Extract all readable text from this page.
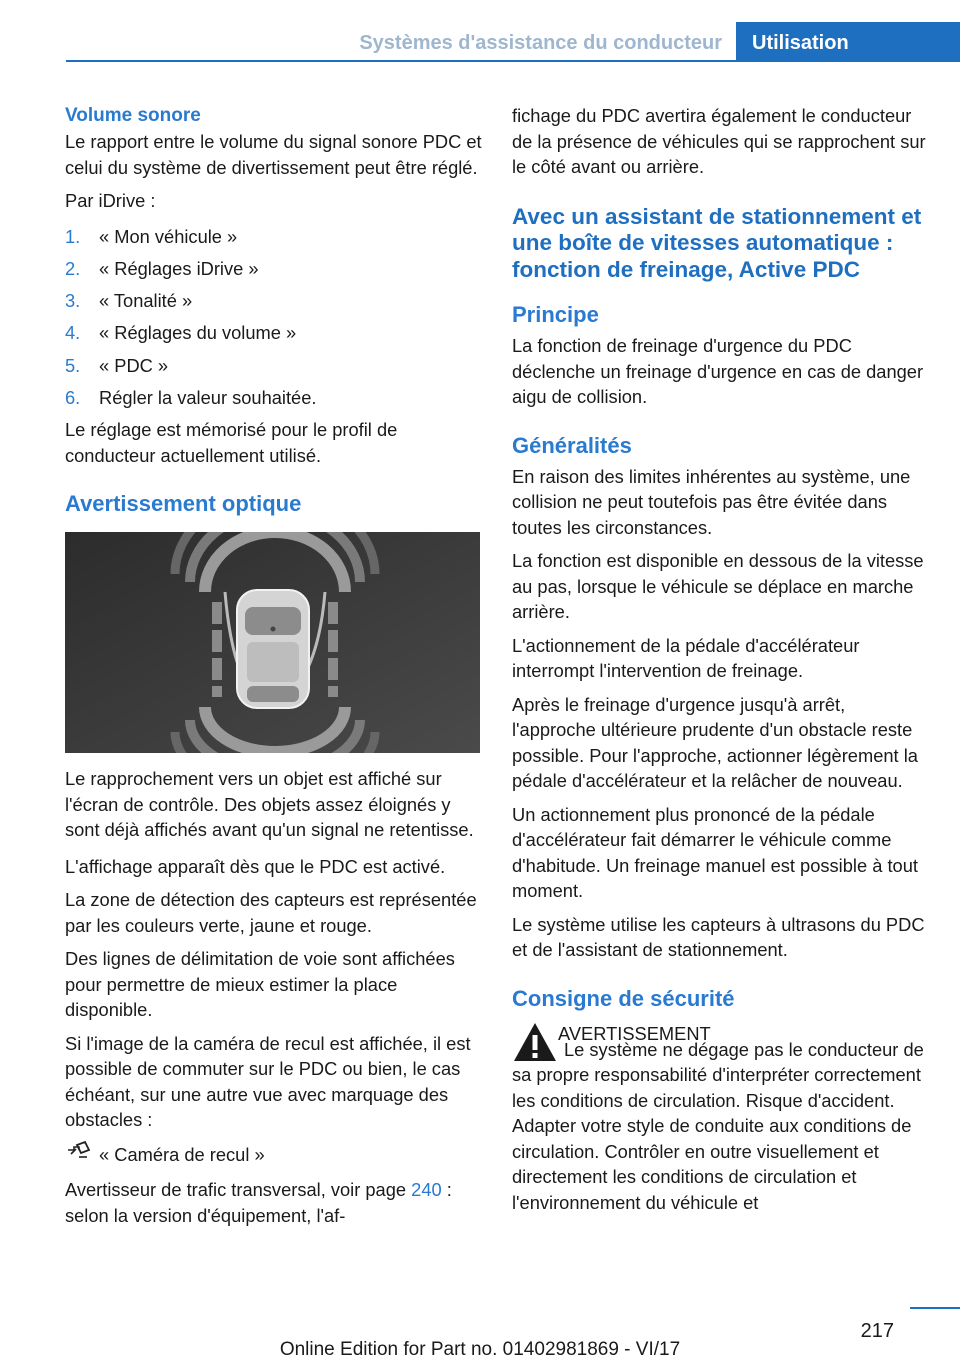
Systèmes d'assistance du conducteur	Utilisation
Volume sonore

Le rapport entre le volume du signal sonore PDC et celui du système de divertissement peut être réglé.

Par iDrive :

1.	« Mon véhicule »
2.	« Réglages iDrive »
3.	« Tonalité »
4.	« Réglages du volume »
5.	« PDC »
6.	Régler la valeur souhaitée.

Le réglage est mémorisé pour le profil de conducteur actuellement utilisé.

Avertissement optique

Le rapprochement vers un objet est affiché sur l'écran de contrôle. Des objets assez éloignés y sont déjà affichés avant qu'un signal ne retentisse.

L'affichage apparaît dès que le PDC est activé.

La zone de détection des capteurs est représentée par les couleurs verte, jaune et rouge.

Des lignes de délimitation de voie sont affichées pour permettre de mieux estimer la place disponible.

Si l'image de la caméra de recul est affichée, il est possible de commuter sur le PDC ou bien, le cas échéant, sur une autre vue avec marquage des obstacles :

« Caméra de recul »

Avertisseur de trafic transversal, voir page 240 : selon la version d'équipement, l'af-

fichage du PDC avertira également le conducteur de la présence de véhicules qui se rapprochent sur le côté avant ou arrière.

Avec un assistant de stationnement et une boîte de vitesses automatique : fonction de freinage, Active PDC
Principe

La fonction de freinage d'urgence du PDC déclenche un freinage d'urgence en cas de danger aigu de collision.

Généralités

En raison des limites inhérentes au système, une collision ne peut toutefois pas être évitée dans toutes les circonstances.

La fonction est disponible en dessous de la vitesse au pas, lorsque le véhicule se déplace en marche arrière.

L'actionnement de la pédale d'accélérateur interrompt l'intervention de freinage.

Après le freinage d'urgence jusqu'à arrêt, l'approche ultérieure prudente d'un obstacle reste possible. Pour l'approche, actionner légèrement la pédale d'accélérateur et la relâcher de nouveau.

Un actionnement plus prononcé de la pédale d'accélérateur fait démarrer le véhicule comme d'habitude. Un freinage manuel est possible à tout moment.

Le système utilise les capteurs à ultrasons du PDC et de l'assistant de stationnement.

Consigne de sécurité
AVERTISSEMENT

Le système ne dégage pas le conducteur de sa propre responsabilité d'interpréter correctement les conditions de circulation. Risque d'accident. Adapter votre style de conduite aux conditions de circulation. Contrôler en outre visuellement et directement les conditions de circulation et l'environnement du véhicule et

217
Online Edition for Part no. 01402981869 - VI/17
